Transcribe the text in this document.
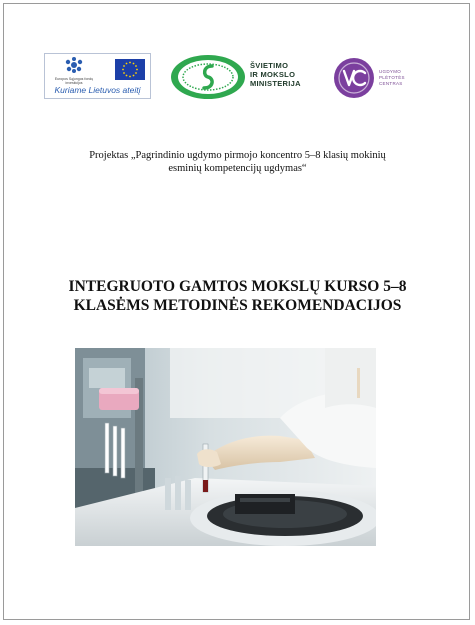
Europos Sąjungos fondų investicijos
Kuriame Lietuvos ateitį
ŠVIETIMO
IR MOKSLO
MINISTERIJA
UGDYMO
PLĖTOTĖS
CENTRAS
Projektas „Pagrindinio ugdymo pirmojo koncentro 5–8 klasių mokinių
esminių kompetencijų ugdymas“
INTEGRUOTO GAMTOS MOKSLŲ KURSO 5–8
KLASĖMS METODINĖS REKOMENDACIJOS
